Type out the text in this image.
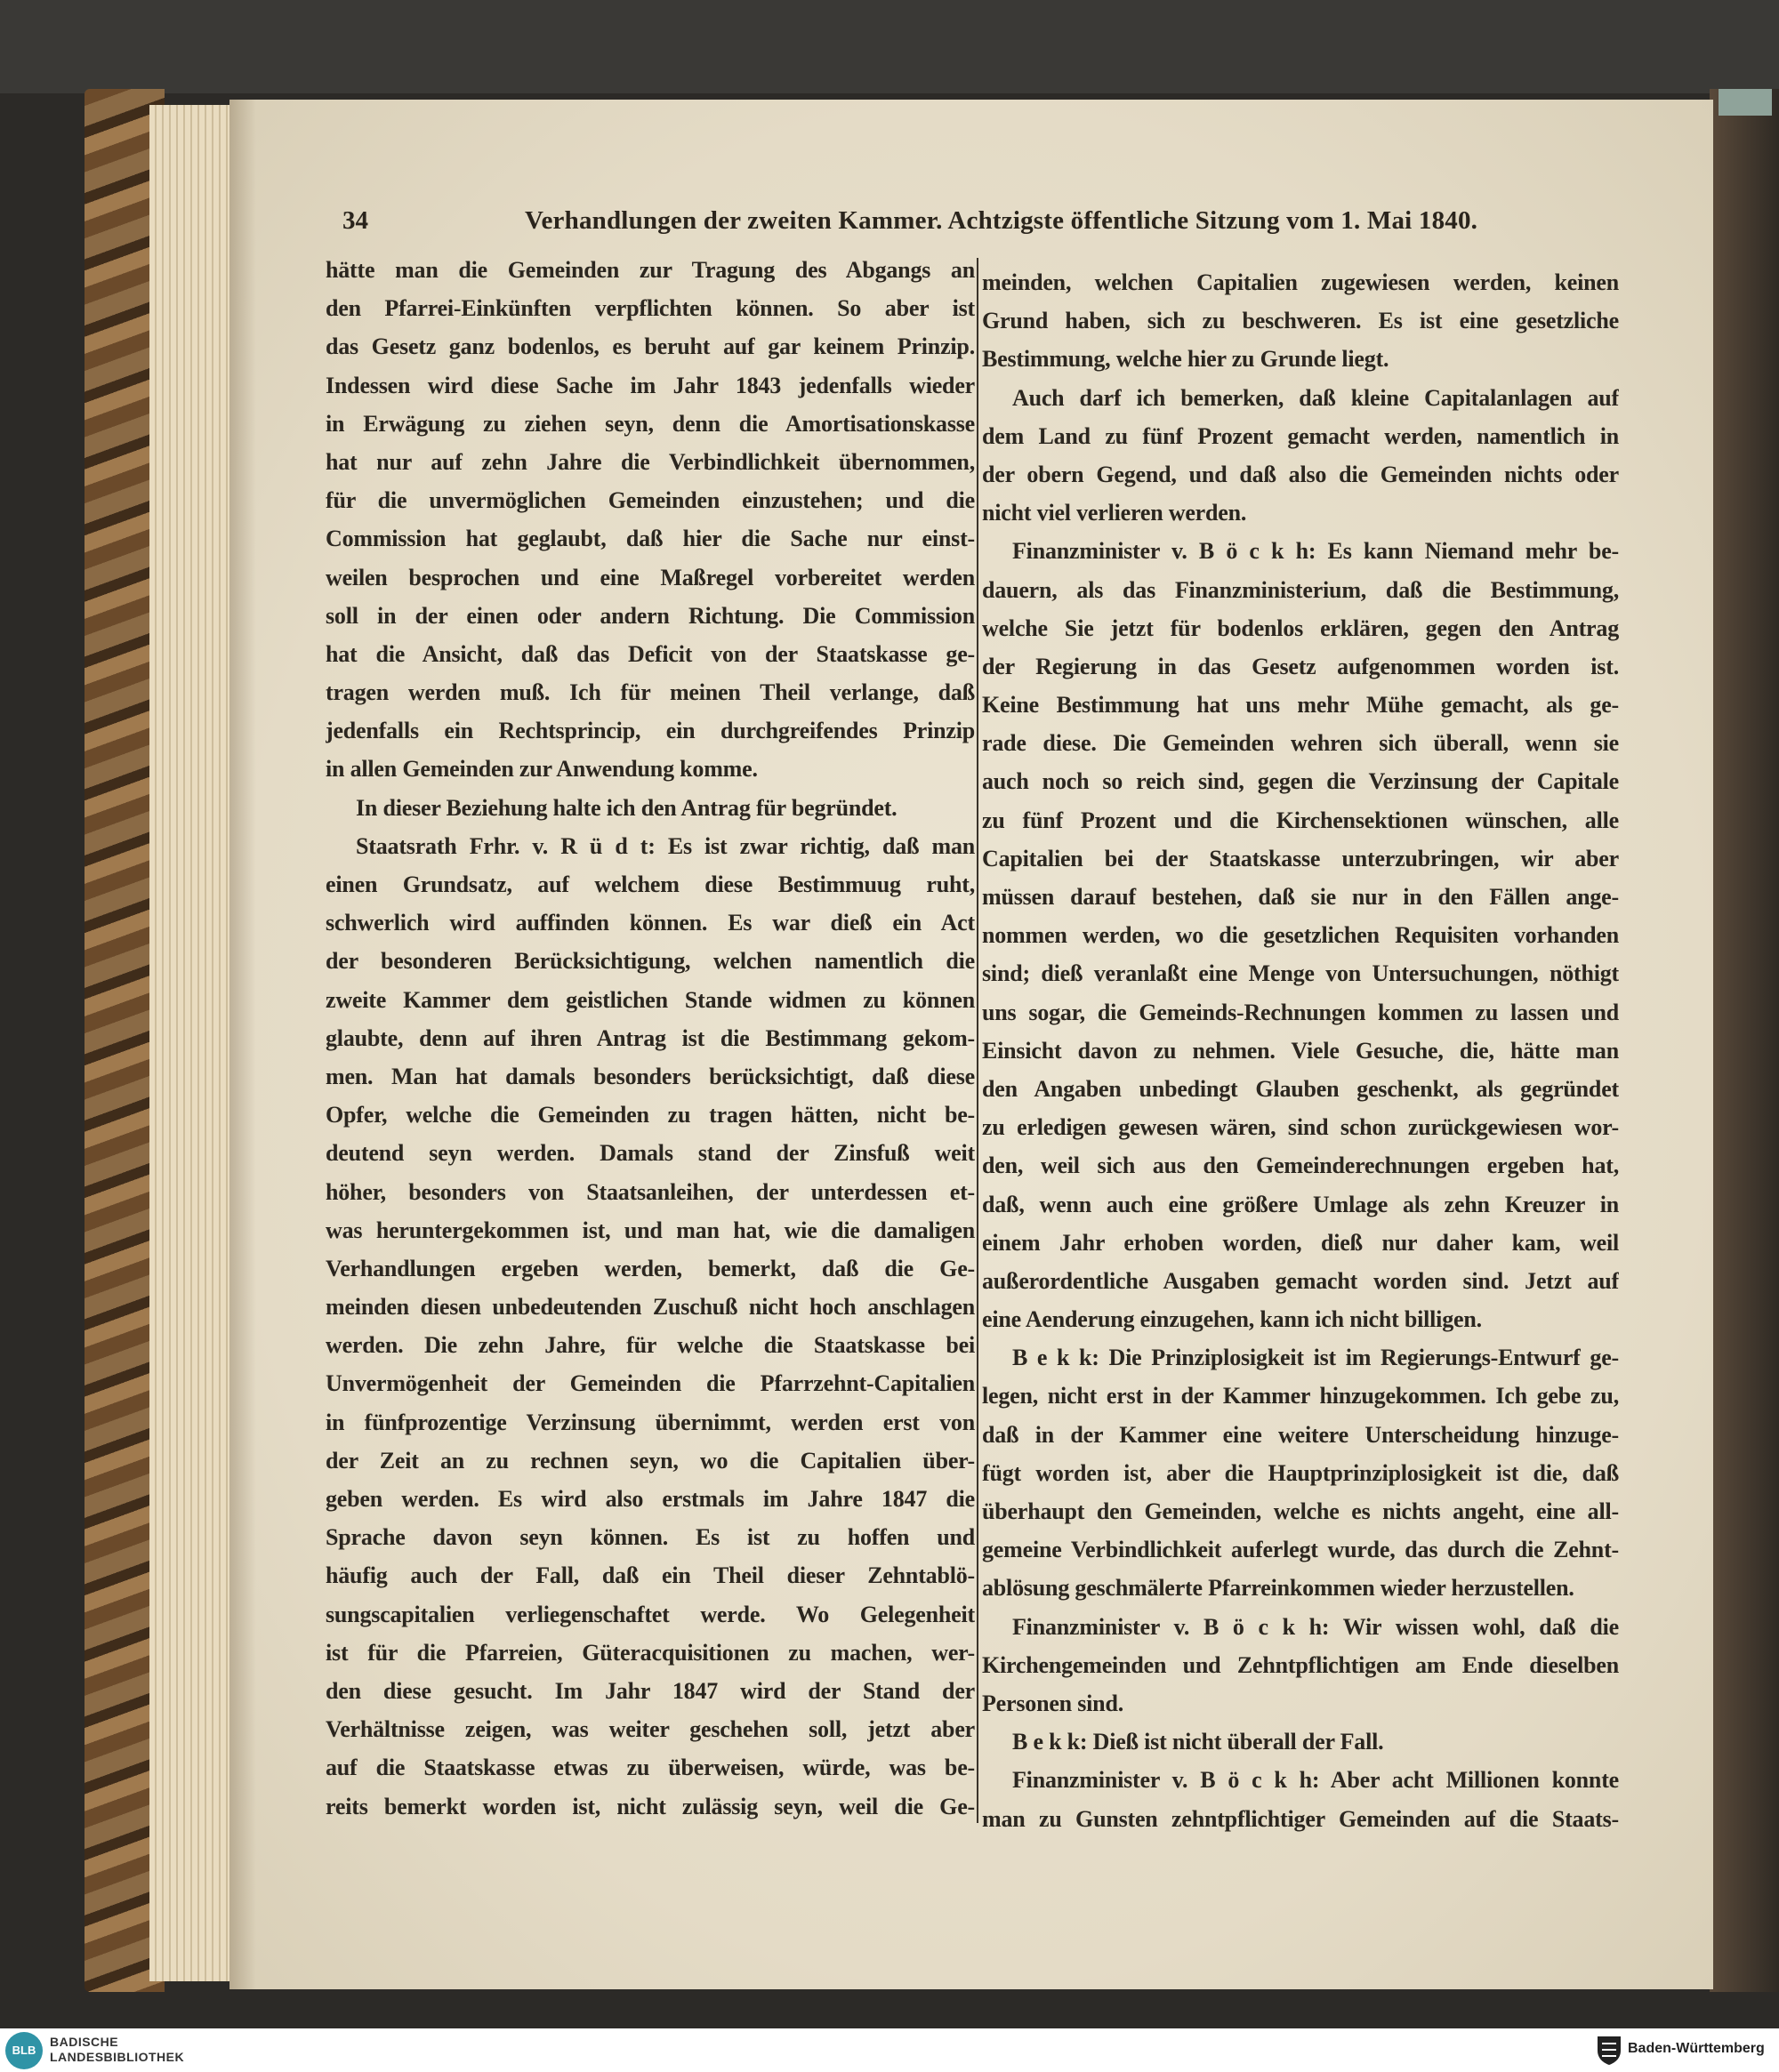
34	Verhandlungen der zweiten Kammer. Achtzigste öffentliche Sitzung vom 1. Mai 1840.
hätte man die Gemeinden zur Tragung des Abgangs an
den Pfarrei-Einkünften verpflichten können. So aber ist
das Gesetz ganz bodenlos, es beruht auf gar keinem Prinzip.
Indessen wird diese Sache im Jahr 1843 jedenfalls wieder
in Erwägung zu ziehen seyn, denn die Amortisationskasse
hat nur auf zehn Jahre die Verbindlichkeit übernommen,
für die unvermöglichen Gemeinden einzustehen; und die
Commission hat geglaubt, daß hier die Sache nur einst-
weilen besprochen und eine Maßregel vorbereitet werden
soll in der einen oder andern Richtung. Die Commission
hat die Ansicht, daß das Deficit von der Staatskasse ge-
tragen werden muß. Ich für meinen Theil verlange, daß
jedenfalls ein Rechtsprincip, ein durchgreifendes Prinzip
in allen Gemeinden zur Anwendung komme.
In dieser Beziehung halte ich den Antrag für begründet.
Staatsrath Frhr. v. R ü d t: Es ist zwar richtig, daß man
einen Grundsatz, auf welchem diese Bestimmuug ruht,
schwerlich wird auffinden können. Es war dieß ein Act
der besonderen Berücksichtigung, welchen namentlich die
zweite Kammer dem geistlichen Stande widmen zu können
glaubte, denn auf ihren Antrag ist die Bestimmang gekom-
men. Man hat damals besonders berücksichtigt, daß diese
Opfer, welche die Gemeinden zu tragen hätten, nicht be-
deutend seyn werden. Damals stand der Zinsfuß weit
höher, besonders von Staatsanleihen, der unterdessen et-
was heruntergekommen ist, und man hat, wie die damaligen
Verhandlungen ergeben werden, bemerkt, daß die Ge-
meinden diesen unbedeutenden Zuschuß nicht hoch anschlagen
werden. Die zehn Jahre, für welche die Staatskasse bei
Unvermögenheit der Gemeinden die Pfarrzehnt-Capitalien
in fünfprozentige Verzinsung übernimmt, werden erst von
der Zeit an zu rechnen seyn, wo die Capitalien über-
geben werden. Es wird also erstmals im Jahre 1847 die
Sprache davon seyn können. Es ist zu hoffen und
häufig auch der Fall, daß ein Theil dieser Zehntablö-
sungscapitalien verliegenschaftet werde. Wo Gelegenheit
ist für die Pfarreien, Güteracquisitionen zu machen, wer-
den diese gesucht. Im Jahr 1847 wird der Stand der
Verhältnisse zeigen, was weiter geschehen soll, jetzt aber
auf die Staatskasse etwas zu überweisen, würde, was be-
reits bemerkt worden ist, nicht zulässig seyn, weil die Ge-
meinden, welchen Capitalien zugewiesen werden, keinen
Grund haben, sich zu beschweren. Es ist eine gesetzliche
Bestimmung, welche hier zu Grunde liegt.
Auch darf ich bemerken, daß kleine Capitalanlagen auf
dem Land zu fünf Prozent gemacht werden, namentlich in
der obern Gegend, und daß also die Gemeinden nichts oder
nicht viel verlieren werden.
Finanzminister v. B ö c k h: Es kann Niemand mehr be-
dauern, als das Finanzministerium, daß die Bestimmung,
welche Sie jetzt für bodenlos erklären, gegen den Antrag
der Regierung in das Gesetz aufgenommen worden ist.
Keine Bestimmung hat uns mehr Mühe gemacht, als ge-
rade diese. Die Gemeinden wehren sich überall, wenn sie
auch noch so reich sind, gegen die Verzinsung der Capitale
zu fünf Prozent und die Kirchensektionen wünschen, alle
Capitalien bei der Staatskasse unterzubringen, wir aber
müssen darauf bestehen, daß sie nur in den Fällen ange-
nommen werden, wo die gesetzlichen Requisiten vorhanden
sind; dieß veranlaßt eine Menge von Untersuchungen, nöthigt
uns sogar, die Gemeinds-Rechnungen kommen zu lassen und
Einsicht davon zu nehmen. Viele Gesuche, die, hätte man
den Angaben unbedingt Glauben geschenkt, als gegründet
zu erledigen gewesen wären, sind schon zurückgewiesen wor-
den, weil sich aus den Gemeinderechnungen ergeben hat,
daß, wenn auch eine größere Umlage als zehn Kreuzer in
einem Jahr erhoben worden, dieß nur daher kam, weil
außerordentliche Ausgaben gemacht worden sind. Jetzt auf
eine Aenderung einzugehen, kann ich nicht billigen.
B e k k: Die Prinziplosigkeit ist im Regierungs-Entwurf ge-
legen, nicht erst in der Kammer hinzugekommen. Ich gebe zu,
daß in der Kammer eine weitere Unterscheidung hinzuge-
fügt worden ist, aber die Hauptprinziplosigkeit ist die, daß
überhaupt den Gemeinden, welche es nichts angeht, eine all-
gemeine Verbindlichkeit auferlegt wurde, das durch die Zehnt-
ablösung geschmälerte Pfarreinkommen wieder herzustellen.
Finanzminister v. B ö c k h: Wir wissen wohl, daß die
Kirchengemeinden und Zehntpflichtigen am Ende dieselben
Personen sind.
B e k k: Dieß ist nicht überall der Fall.
Finanzminister v. B ö c k h: Aber acht Millionen konnte
man zu Gunsten zehntpflichtiger Gemeinden auf die Staats-
BLB
BADISCHE
LANDESBIBLIOTHEK
Baden-Württemberg
